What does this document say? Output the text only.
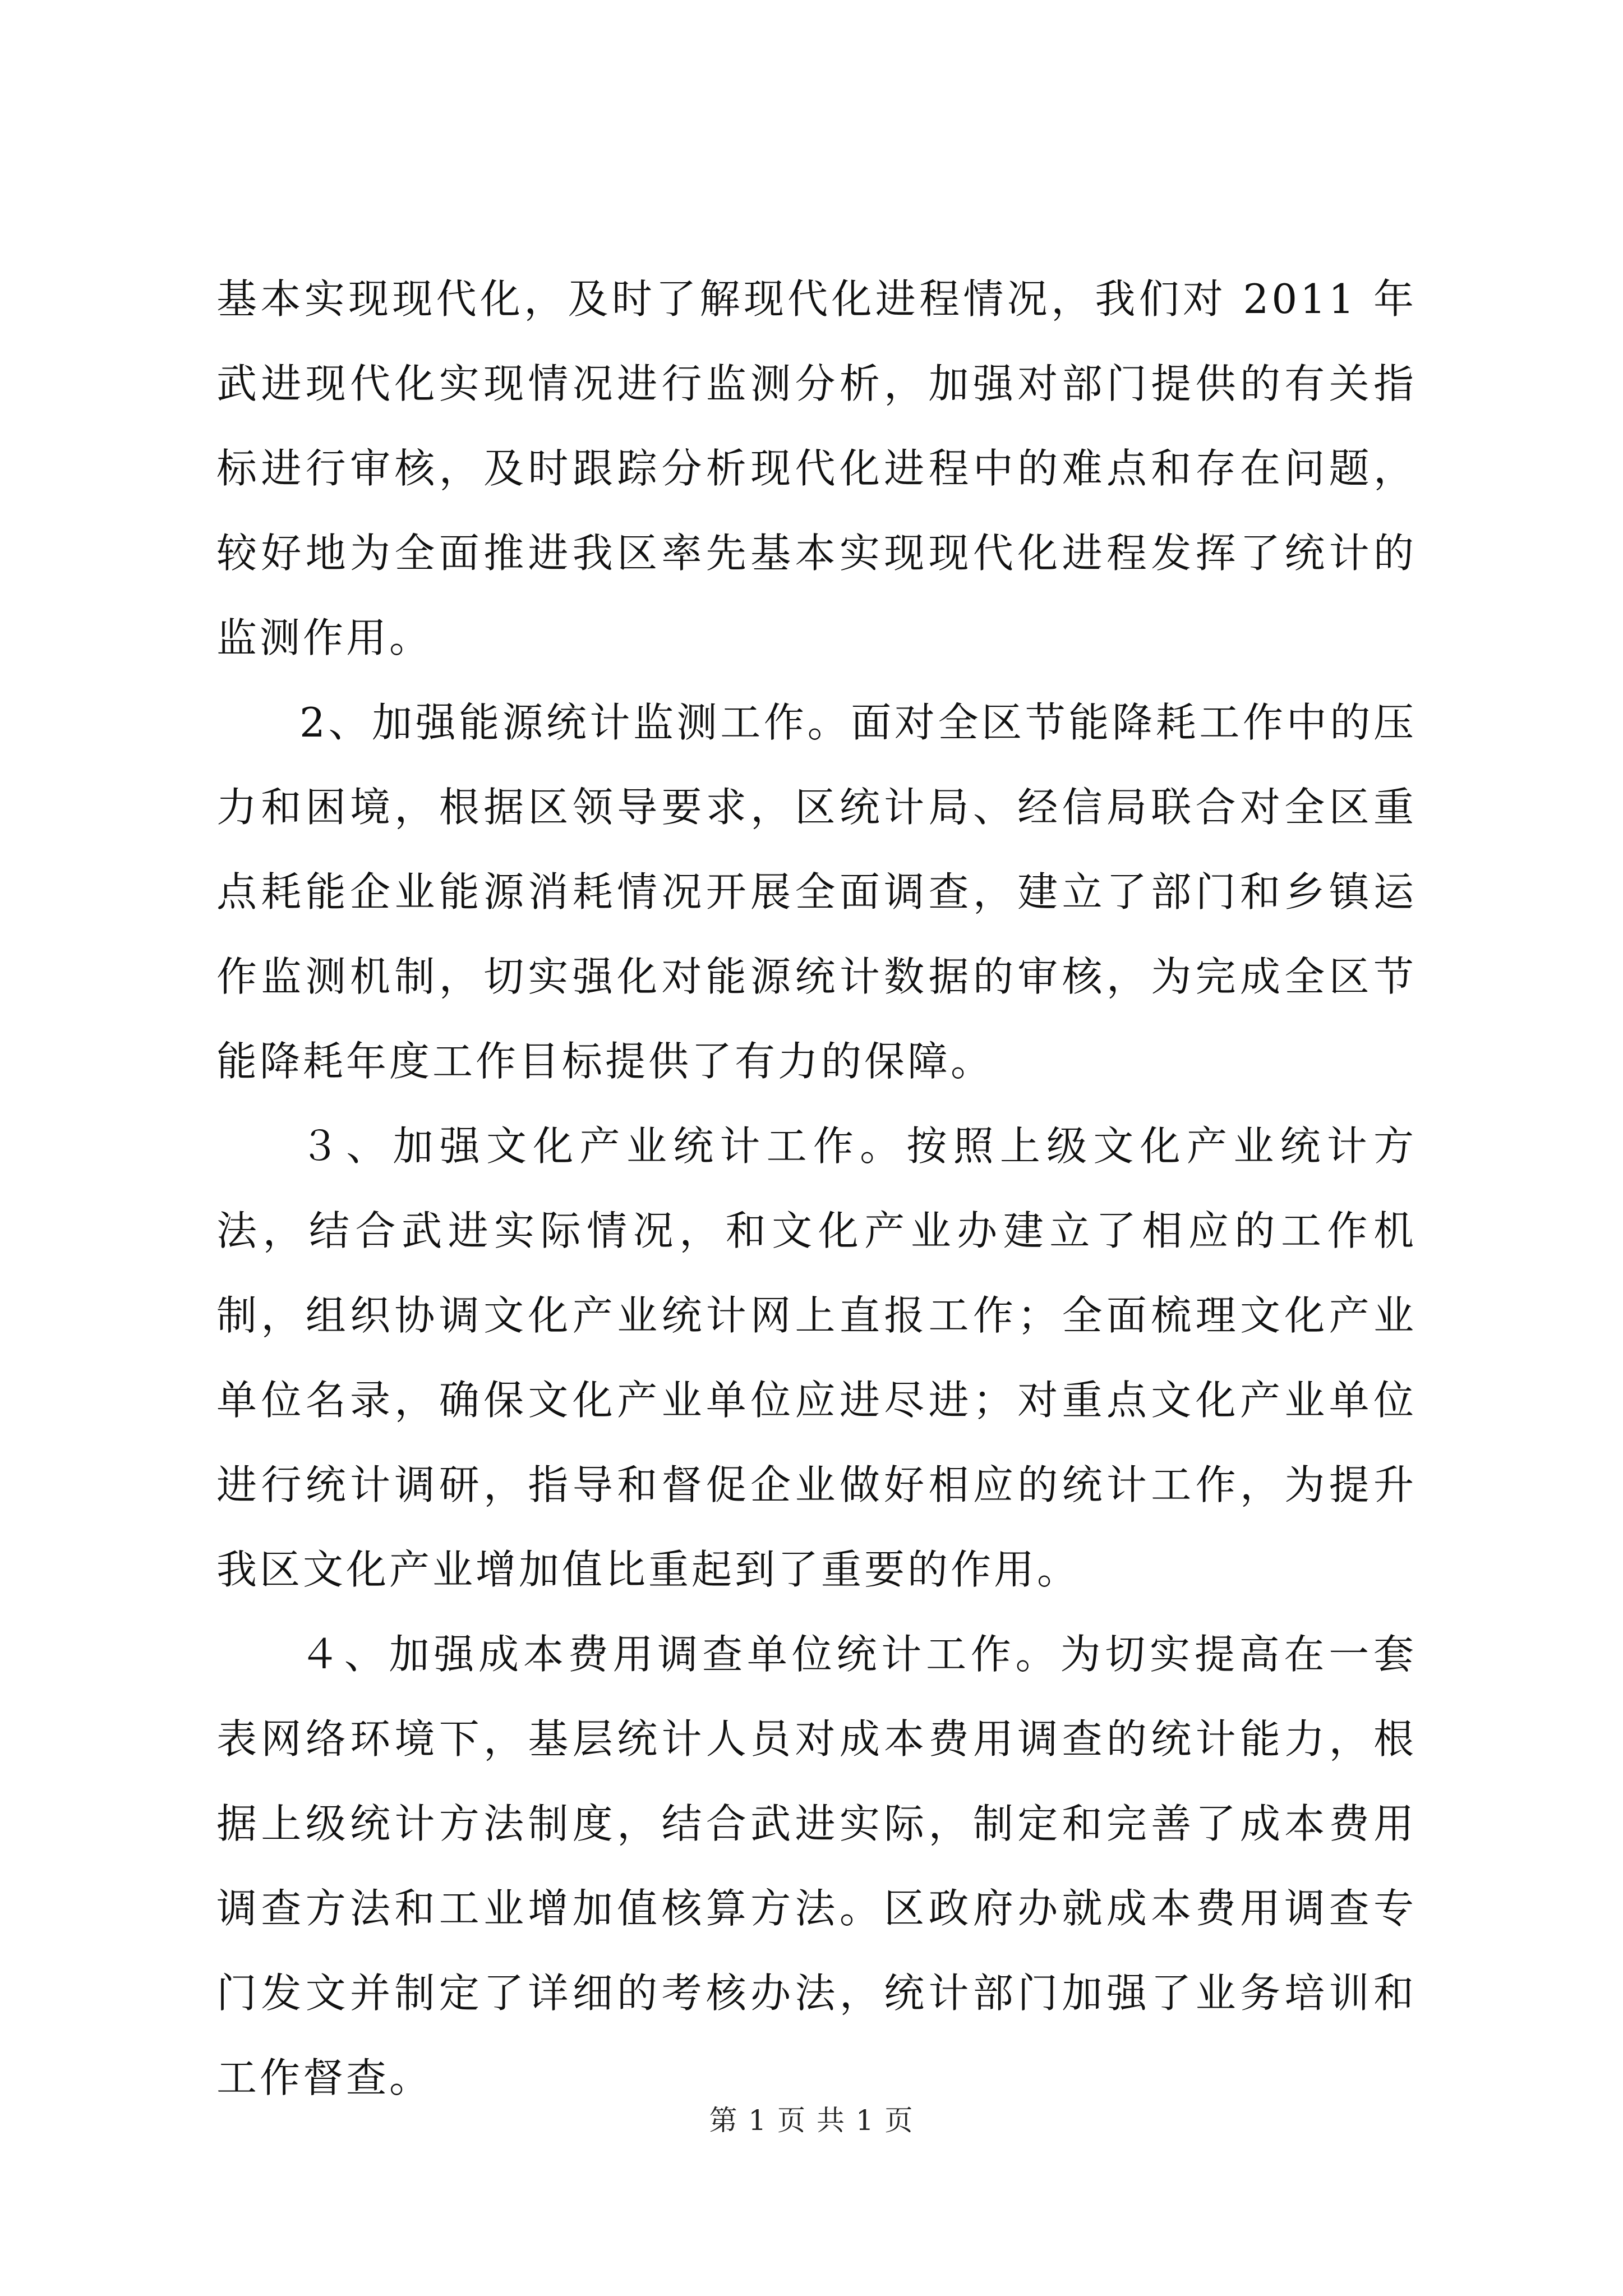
基本实现现代化，及时了解现代化进程情况，我们对 2011 年武进现代化实现情况进行监测分析，加强对部门提供的有关指标进行审核，及时跟踪分析现代化进程中的难点和存在问题，较好地为全面推进我区率先基本实现现代化进程发挥了统计的监测作用。

2、加强能源统计监测工作。面对全区节能降耗工作中的压力和困境，根据区领导要求，区统计局、经信局联合对全区重点耗能企业能源消耗情况开展全面调查，建立了部门和乡镇运作监测机制，切实强化对能源统计数据的审核，为完成全区节能降耗年度工作目标提供了有力的保障。

３、加强文化产业统计工作。按照上级文化产业统计方法，结合武进实际情况，和文化产业办建立了相应的工作机制，组织协调文化产业统计网上直报工作；全面梳理文化产业单位名录，确保文化产业单位应进尽进；对重点文化产业单位进行统计调研，指导和督促企业做好相应的统计工作，为提升我区文化产业增加值比重起到了重要的作用。

４、加强成本费用调查单位统计工作。为切实提高在一套表网络环境下，基层统计人员对成本费用调查的统计能力，根据上级统计方法制度，结合武进实际，制定和完善了成本费用调查方法和工业增加值核算方法。区政府办就成本费用调查专门发文并制定了详细的考核办法，统计部门加强了业务培训和工作督查。

第 1 页 共 1 页
